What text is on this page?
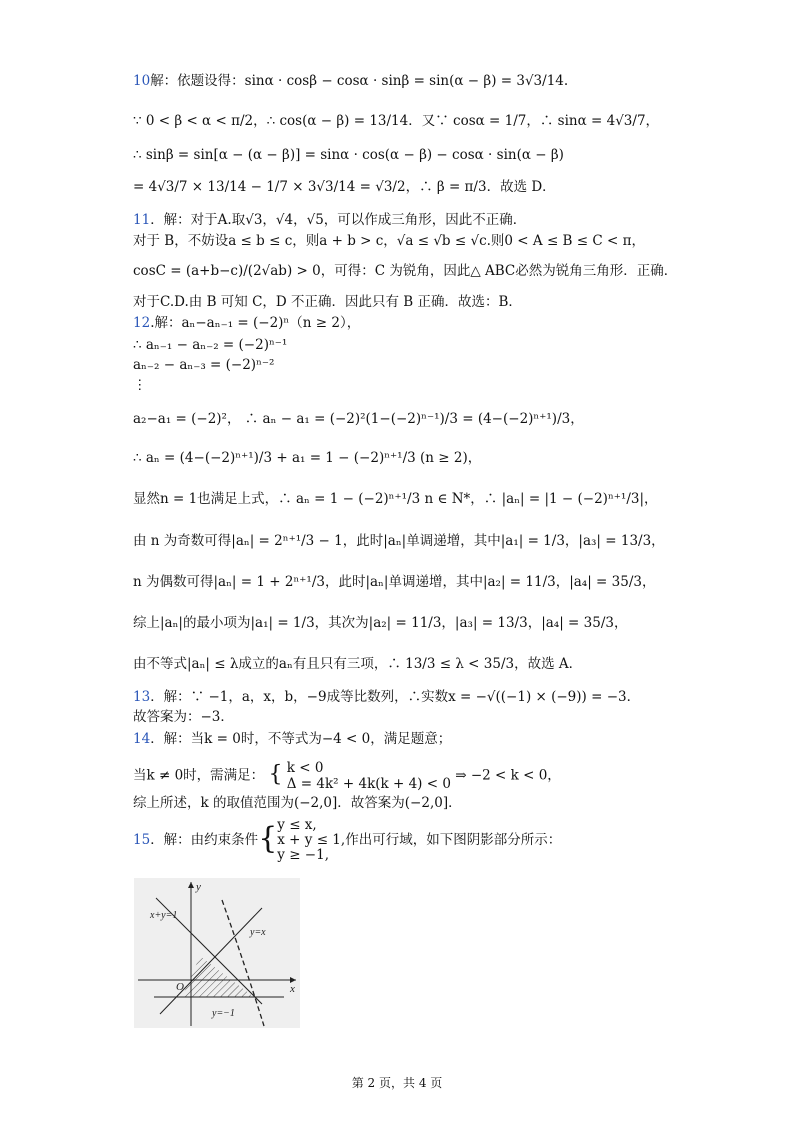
10解：依题设得：sinα · cosβ − cosα · sinβ = sin(α − β) = 3√3/14.
∵ 0 < β < α < π/2，∴ cos(α − β) = 13/14．又∵ cosα = 1/7，∴ sinα = 4√3/7，
∴ sinβ = sin[α − (α − β)] = sinα · cos(α − β) − cosα · sin(α − β)
= 4√3/7 × 13/14 − 1/7 × 3√3/14 = √3/2，∴ β = π/3．故选 D．
11．解：对于A.取√3，√4，√5，可以作成三角形，因此不正确．
对于 B，不妨设a ≤ b ≤ c，则a + b > c，√a ≤ √b ≤ √c.则0 < A ≤ B ≤ C < π，
cosC = (a+b−c)/(2√ab) > 0，可得：C 为锐角，因此△ ABC必然为锐角三角形．正确．
对于C.D.由 B 可知 C，D 不正确．因此只有 B 正确．故选：B．
12.解：aₙ−aₙ₋₁ = (−2)ⁿ（n ≥ 2），
∴ aₙ₋₁ − aₙ₋₂ = (−2)ⁿ⁻¹
aₙ₋₂ − aₙ₋₃ = (−2)ⁿ⁻²
⋮
a₂−a₁ = (−2)²， ∴ aₙ − a₁ = (−2)²(1−(−2)ⁿ⁻¹)/3 = (4−(−2)ⁿ⁺¹)/3，
∴ aₙ = (4−(−2)ⁿ⁺¹)/3 + a₁ = 1 − (−2)ⁿ⁺¹/3 (n ≥ 2)，
显然n = 1也满足上式，∴ aₙ = 1 − (−2)ⁿ⁺¹/3 n ∈ N*，∴ |aₙ| = |1 − (−2)ⁿ⁺¹/3|，
由 n 为奇数可得|aₙ| = 2ⁿ⁺¹/3 − 1，此时|aₙ|单调递增，其中|a₁| = 1/3，|a₃| = 13/3，
n 为偶数可得|aₙ| = 1 + 2ⁿ⁺¹/3，此时|aₙ|单调递增，其中|a₂| = 11/3，|a₄| = 35/3，
综上|aₙ|的最小项为|a₁| = 1/3，其次为|a₂| = 11/3，|a₃| = 13/3，|a₄| = 35/3，
由不等式|aₙ| ≤ λ成立的aₙ有且只有三项，∴ 13/3 ≤ λ < 35/3，故选 A．
13．解：∵ −1，a，x，b，−9成等比数列，∴实数x = −√((−1) × (−9)) = −3．
故答案为：−3．
14．解：当k = 0时，不等式为−4 < 0，满足题意；
当k ≠ 0时，需满足： { k < 0
Δ = 4k² + 4k(k + 4) < 0
⇒ −2 < k < 0，
综上所述，k 的取值范围为(−2,0]．故答案为(−2,0]．
15．解：由约束条件{ y ≤ x,
x + y ≤ 1,
y ≥ −1,
作出可行域，如下图阴影部分所示：
x+y=1
y=x
y=−1
O	x
y
第 2 页，共 4 页
